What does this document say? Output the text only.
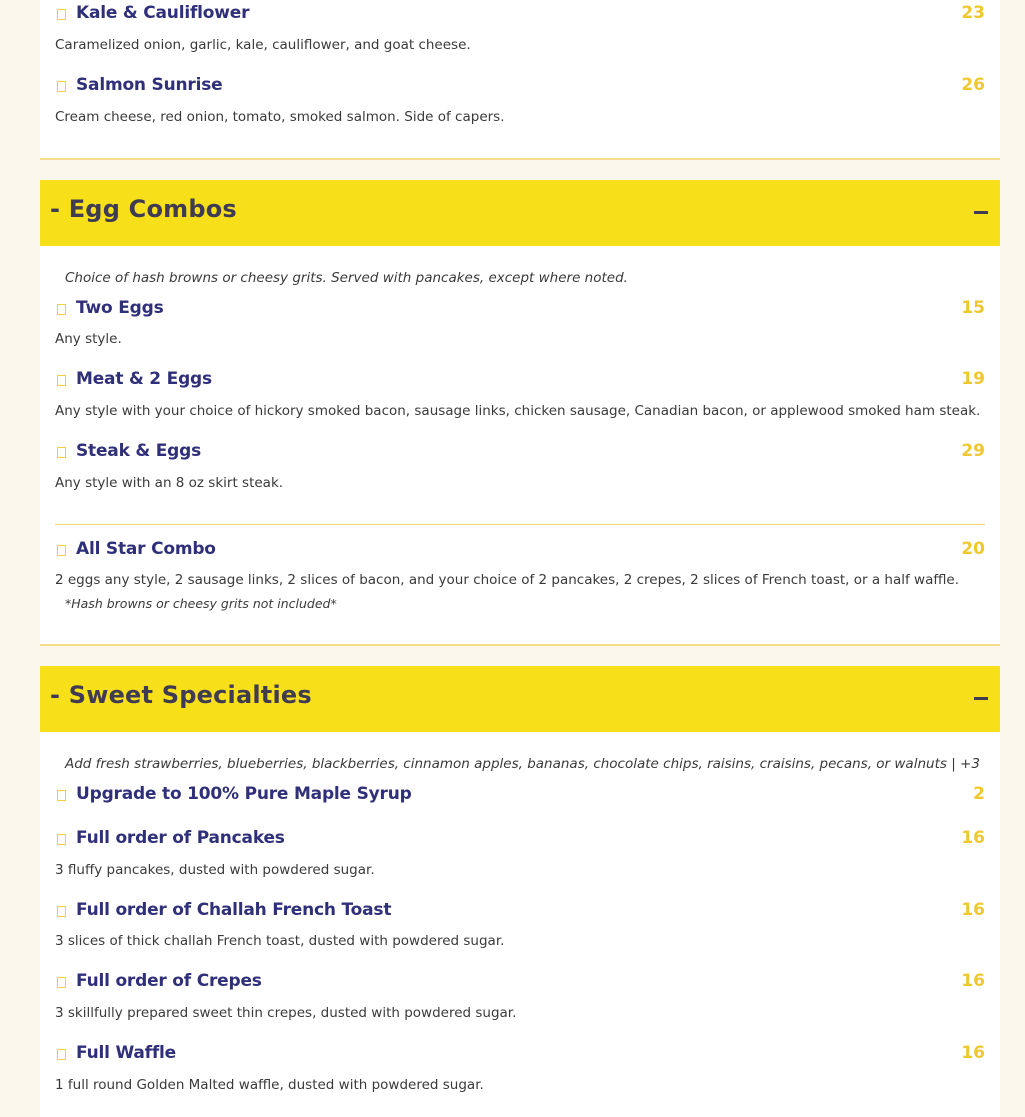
Kale & Cauliflower	23
Caramelized onion, garlic, kale, cauliflower, and goat cheese.
Salmon Sunrise	26
Cream cheese, red onion, tomato, smoked salmon. Side of capers.
- Egg Combos
Choice of hash browns or cheesy grits. Served with pancakes, except where noted.
Two Eggs	15
Any style.
Meat & 2 Eggs	19
Any style with your choice of hickory smoked bacon, sausage links, chicken sausage, Canadian bacon, or applewood smoked ham steak.
Steak & Eggs	29
Any style with an 8 oz skirt steak.
All Star Combo	20
2 eggs any style, 2 sausage links, 2 slices of bacon, and your choice of 2 pancakes, 2 crepes, 2 slices of French toast, or a half waffle.
*Hash browns or cheesy grits not included*
- Sweet Specialties
Add fresh strawberries, blueberries, blackberries, cinnamon apples, bananas, chocolate chips, raisins, craisins, pecans, or walnuts | +3
Upgrade to 100% Pure Maple Syrup	2
Full order of Pancakes	16
3 fluffy pancakes, dusted with powdered sugar.
Full order of Challah French Toast	16
3 slices of thick challah French toast, dusted with powdered sugar.
Full order of Crepes	16
3 skillfully prepared sweet thin crepes, dusted with powdered sugar.
Full Waffle	16
1 full round Golden Malted waffle, dusted with powdered sugar.
